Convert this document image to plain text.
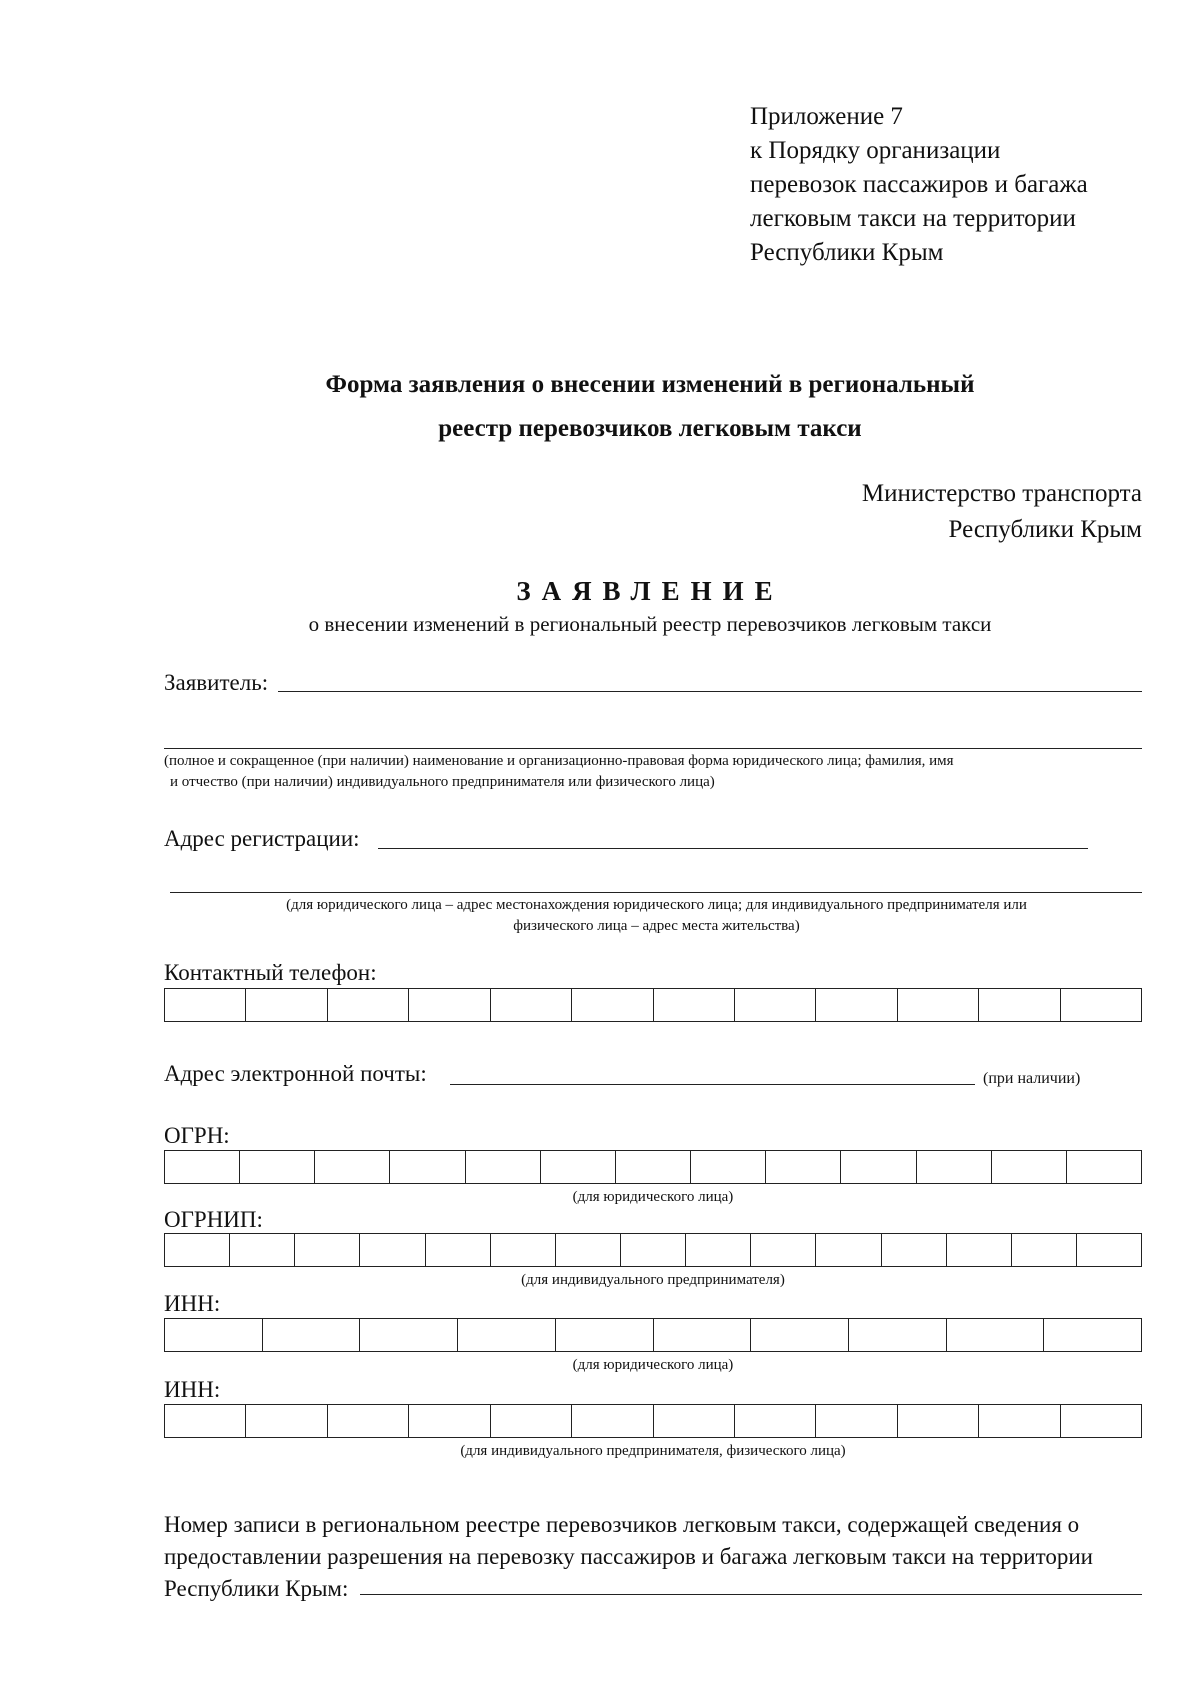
Приложение 7
к Порядку организации
перевозок пассажиров и багажа
легковым такси на территории
Республики Крым
Форма заявления о внесении изменений в региональный
реестр перевозчиков легковым такси
Министерство транспорта
Республики Крым
ЗАЯВЛЕНИЕ
о внесении изменений в региональный реестр перевозчиков легковым такси
Заявитель:
(полное и сокращенное (при наличии) наименование и организационно-правовая форма юридического лица; фамилия, имя
и отчество (при наличии) индивидуального предпринимателя или физического лица)
Адрес регистрации:
(для юридического лица – адрес местонахождения юридического лица; для индивидуального предпринимателя или
физического лица – адрес места жительства)
Контактный телефон:
Адрес электронной почты:	(при наличии)
ОГРН:
(для юридического лица)
ОГРНИП:
(для индивидуального предпринимателя)
ИНН:
(для юридического лица)
ИНН:
(для индивидуального предпринимателя, физического лица)
Номер записи в региональном реестре перевозчиков легковым такси, содержащей сведения о
предоставлении разрешения на перевозку пассажиров и багажа легковым такси на территории
Республики Крым:
